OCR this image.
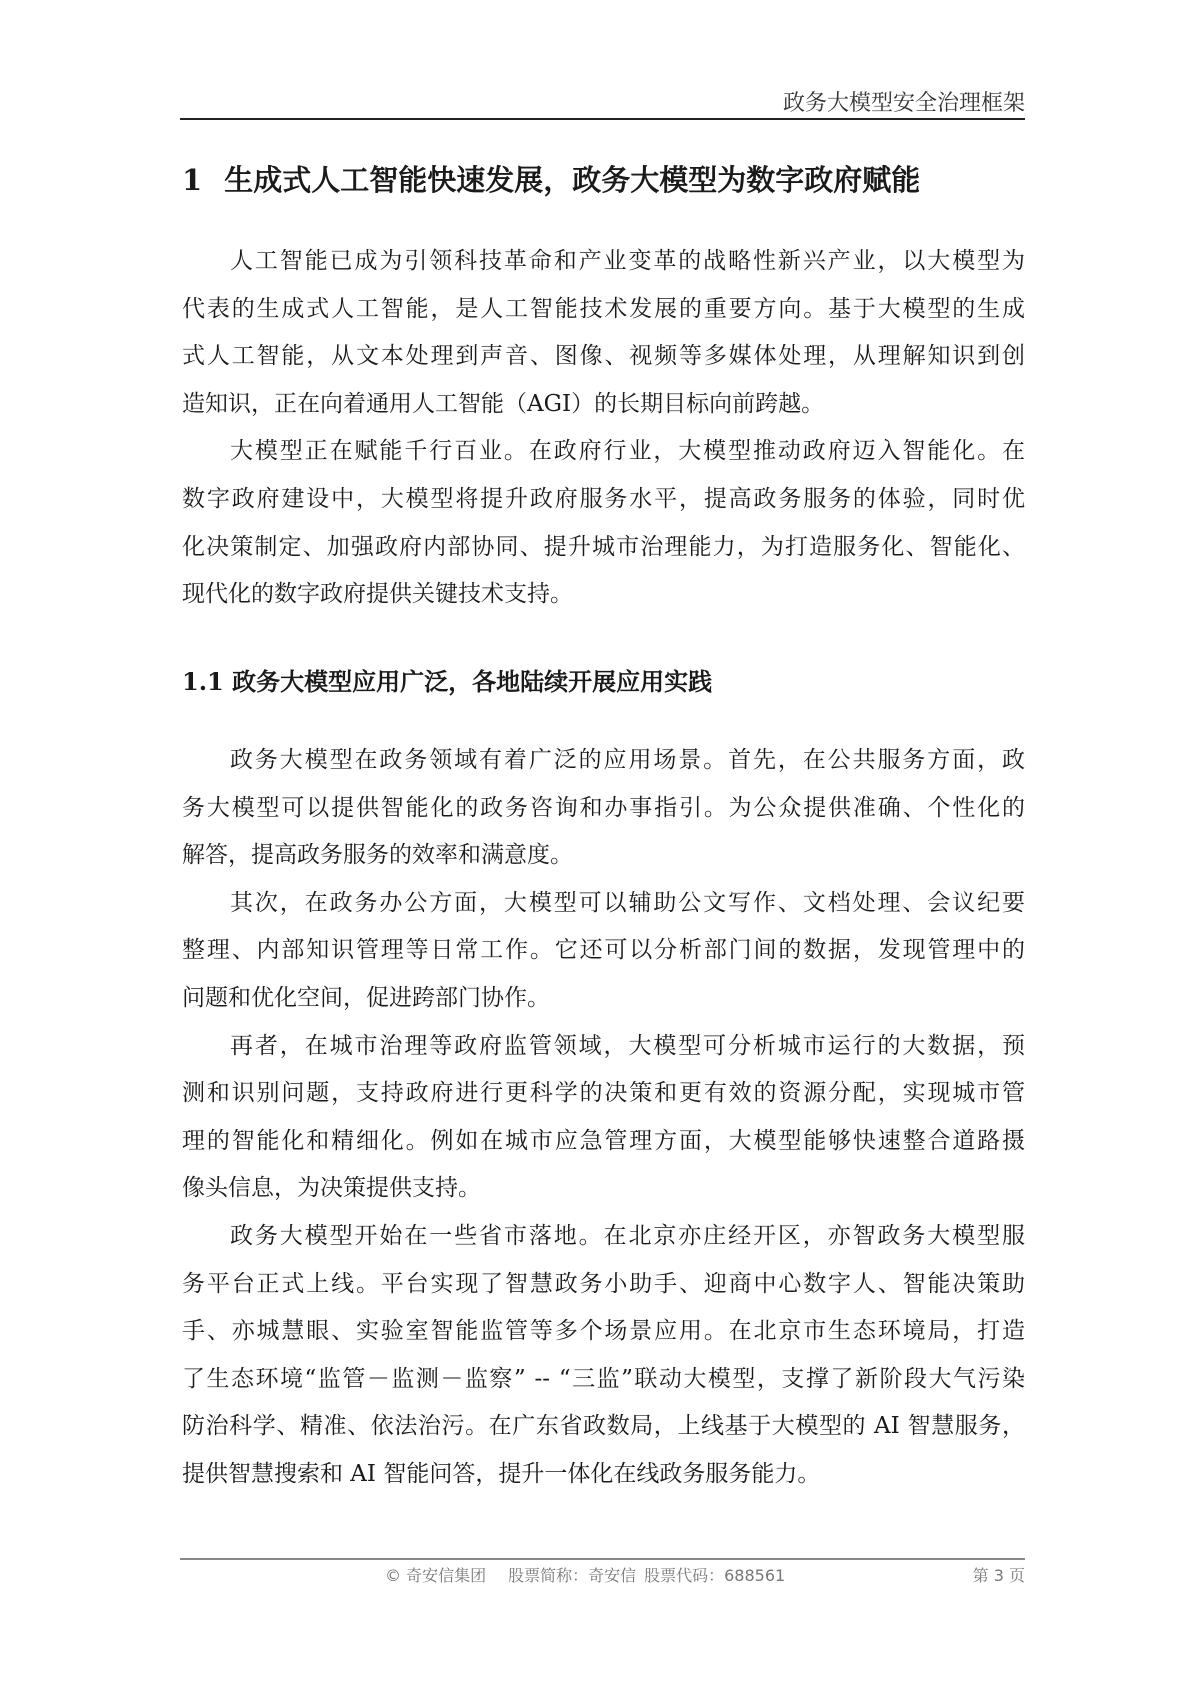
政务大模型安全治理框架
1 生成式人工智能快速发展，政务大模型为数字政府赋能
人工智能已成为引领科技革命和产业变革的战略性新兴产业，以大模型为
代表的生成式人工智能，是人工智能技术发展的重要方向。基于大模型的生成
式人工智能，从文本处理到声音、图像、视频等多媒体处理，从理解知识到创
造知识，正在向着通用人工智能（AGI）的长期目标向前跨越。
大模型正在赋能千行百业。在政府行业，大模型推动政府迈入智能化。在
数字政府建设中，大模型将提升政府服务水平，提高政务服务的体验，同时优
化决策制定、加强政府内部协同、提升城市治理能力，为打造服务化、智能化、
现代化的数字政府提供关键技术支持。
1.1 政务大模型应用广泛，各地陆续开展应用实践
政务大模型在政务领域有着广泛的应用场景。首先，在公共服务方面，政
务大模型可以提供智能化的政务咨询和办事指引。为公众提供准确、个性化的
解答，提高政务服务的效率和满意度。
其次，在政务办公方面，大模型可以辅助公文写作、文档处理、会议纪要
整理、内部知识管理等日常工作。它还可以分析部门间的数据，发现管理中的
问题和优化空间，促进跨部门协作。
再者，在城市治理等政府监管领域，大模型可分析城市运行的大数据，预
测和识别问题，支持政府进行更科学的决策和更有效的资源分配，实现城市管
理的智能化和精细化。例如在城市应急管理方面，大模型能够快速整合道路摄
像头信息，为决策提供支持。
政务大模型开始在一些省市落地。在北京亦庄经开区，亦智政务大模型服
务平台正式上线。平台实现了智慧政务小助手、迎商中心数字人、智能决策助
手、亦城慧眼、实验室智能监管等多个场景应用。在北京市生态环境局，打造
了生态环境“监管－监测－监察” -- “三监”联动大模型，支撑了新阶段大气污染
防治科学、精准、依法治污。在广东省政数局，上线基于大模型的 AI 智慧服务，
提供智慧搜索和 AI 智能问答，提升一体化在线政务服务能力。
© 奇安信集团 股票简称：奇安信 股票代码：688561	第 3 页
